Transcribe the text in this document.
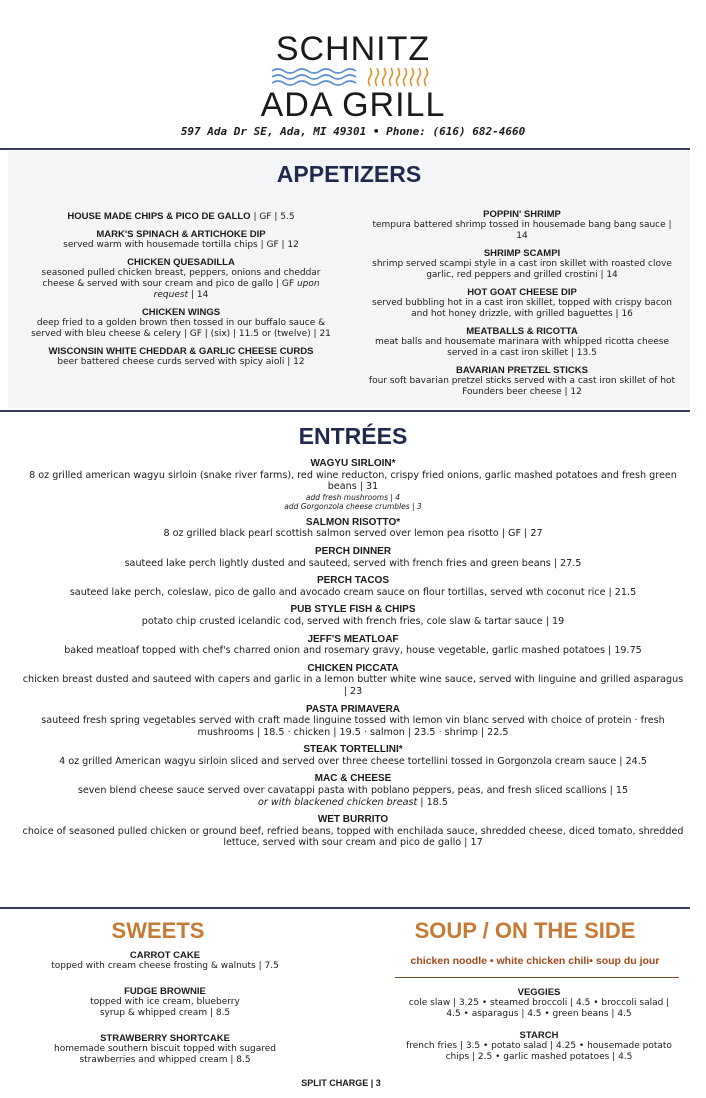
SCHNITZ
ADA GRILL
597 Ada Dr SE, Ada, MI 49301 • Phone: (616) 682-4660
APPETIZERS
HOUSE MADE CHIPS & PICO DE GALLO | GF | 5.5
MARK'S SPINACH & ARTICHOKE DIP
served warm with housemade tortilla chips | GF | 12
CHICKEN QUESADILLA
seasoned pulled chicken breast, peppers, onions and cheddar cheese & served with sour cream and pico de gallo | GF upon request | 14
CHICKEN WINGS
deep fried to a golden brown then tossed in our buffalo sauce & served with bleu cheese & celery | GF | (six) | 11.5 or (twelve) | 21
WISCONSIN WHITE CHEDDAR & GARLIC CHEESE CURDS
beer battered cheese curds served with spicy aioli | 12
POPPIN' SHRIMP
tempura battered shrimp tossed in housemade bang bang sauce | 14
SHRIMP SCAMPI
shrimp served scampi style in a cast iron skillet with roasted clove garlic, red peppers and grilled crostini | 14
HOT GOAT CHEESE DIP
served bubbling hot in a cast iron skillet, topped with crispy bacon and hot honey drizzle, with grilled baguettes | 16
MEATBALLS & RICOTTA
meat balls and housemate marinara with whipped ricotta cheese served in a cast iron skillet | 13.5
BAVARIAN PRETZEL STICKS
four soft bavarian pretzel sticks served with a cast iron skillet of hot Founders beer cheese | 12
ENTRÉES
WAGYU SIRLOIN*
8 oz grilled american wagyu sirloin (snake river farms), red wine reducton, crispy fried onions, garlic mashed potatoes and fresh green beans | 31
add fresh mushrooms | 4
add Gorgonzola cheese crumbles | 3
SALMON RISOTTO*
8 oz grilled black pearl scottish salmon served over lemon pea risotto | GF | 27
PERCH DINNER
sauteed lake perch lightly dusted and sauteed, served with french fries and green beans | 27.5
PERCH TACOS
sauteed lake perch, coleslaw, pico de gallo and avocado cream sauce on flour tortillas, served wth coconut rice | 21.5
PUB STYLE FISH & CHIPS
potato chip crusted icelandic cod, served with french fries, cole slaw & tartar sauce | 19
JEFF'S MEATLOAF
baked meatloaf topped with chef's charred onion and rosemary gravy, house vegetable, garlic mashed potatoes | 19.75
CHICKEN PICCATA
chicken breast dusted and sauteed with capers and garlic in a lemon butter white wine sauce, served with linguine and grilled asparagus | 23
PASTA PRIMAVERA
sauteed fresh spring vegetables served with craft made linguine tossed with lemon vin blanc served with choice of protein · fresh mushrooms | 18.5 · chicken | 19.5 · salmon | 23.5 · shrimp | 22.5
STEAK TORTELLINI*
4 oz grilled American wagyu sirloin sliced and served over three cheese tortellini tossed in Gorgonzola cream sauce | 24.5
MAC & CHEESE
seven blend cheese sauce served over cavatappi pasta with poblano peppers, peas, and fresh sliced scallions | 15
or with blackened chicken breast | 18.5
WET BURRITO
choice of seasoned pulled chicken or ground beef, refried beans, topped with enchilada sauce, shredded cheese, diced tomato, shredded lettuce, served with sour cream and pico de gallo | 17
SWEETS
CARROT CAKE
topped with cream cheese frosting & walnuts | 7.5
FUDGE BROWNIE
topped with ice cream, blueberry syrup & whipped cream | 8.5
STRAWBERRY SHORTCAKE
homemade southern biscuit topped with sugared strawberries and whipped cream | 8.5
SOUP / ON THE SIDE
chicken noodle • white chicken chili• soup du jour
VEGGIES
cole slaw | 3.25 • steamed broccoli | 4.5 • broccoli salad | 4.5 • asparagus | 4.5 • green beans | 4.5
STARCH
french fries | 3.5 • potato salad | 4.25 • housemade potato chips | 2.5 • garlic mashed potatoes | 4.5
SPLIT CHARGE | 3
